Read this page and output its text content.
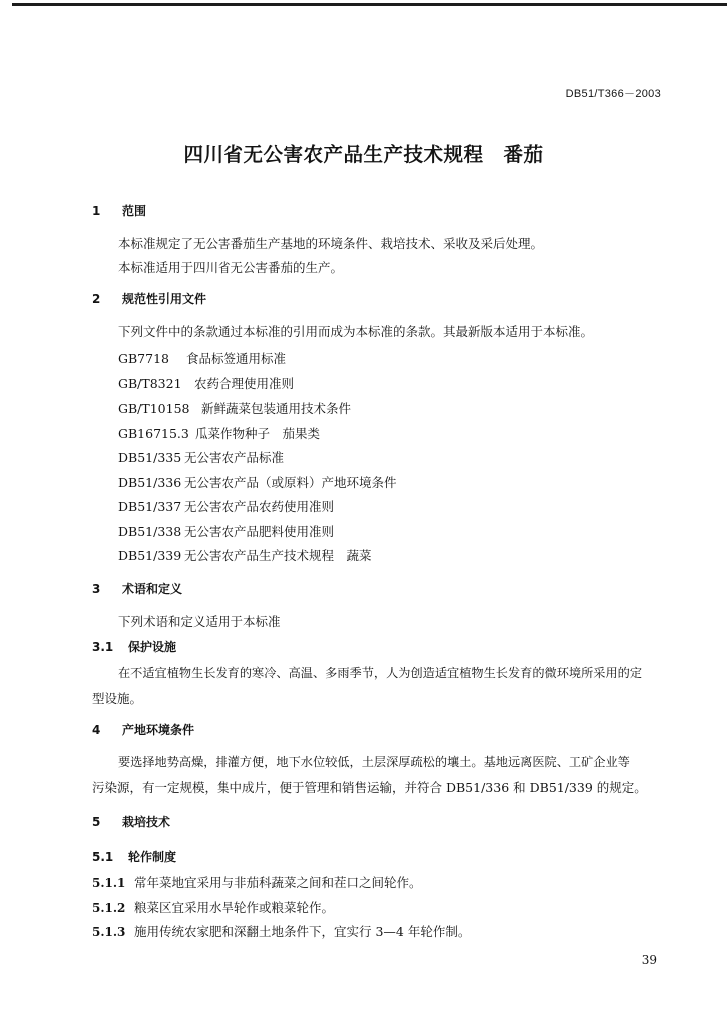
DB51/T366－2003
四川省无公害农产品生产技术规程　番茄
1 范围
本标准规定了无公害番茄生产基地的环境条件、栽培技术、采收及采后处理。
本标准适用于四川省无公害番茄的生产。
2 规范性引用文件
下列文件中的条款通过本标准的引用而成为本标准的条款。其最新版本适用于本标准。
GB7718 食品标签通用标准
GB/T8321 农药合理使用准则
GB/T10158 新鲜蔬菜包装通用技术条件
GB16715.3 瓜菜作物种子　茄果类
DB51/335 无公害农产品标准
DB51/336 无公害农产品（或原料）产地环境条件
DB51/337 无公害农产品农药使用准则
DB51/338 无公害农产品肥料使用准则
DB51/339 无公害农产品生产技术规程　蔬菜
3 术语和定义
下列术语和定义适用于本标准
3.1 保护设施
在不适宜植物生长发育的寒冷、高温、多雨季节，人为创造适宜植物生长发育的微环境所采用的定
型设施。
4 产地环境条件
要选择地势高燥，排灌方便，地下水位较低，土层深厚疏松的壤土。基地远离医院、工矿企业等
污染源，有一定规模，集中成片，便于管理和销售运输，并符合 DB51/336 和 DB51/339 的规定。
5 栽培技术
5.1 轮作制度
5.1.1 常年菜地宜采用与非茄科蔬菜之间和茬口之间轮作。
5.1.2 粮菜区宜采用水旱轮作或粮菜轮作。
5.1.3 施用传统农家肥和深翻土地条件下，宜实行 3—4 年轮作制。
39
